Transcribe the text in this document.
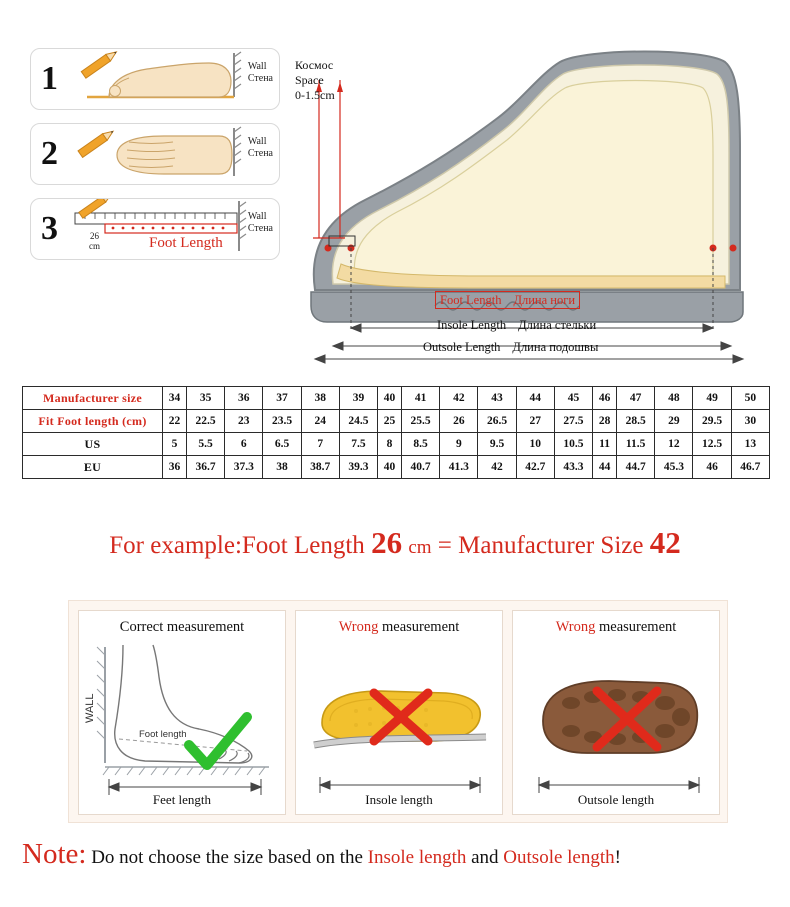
1	Wall
Стена
2	Wall
Стена
3	26
cm	Foot Length
Wall
Стена
Космос
Space
0-1.5cm
Foot Length Длина ноги
Insole Length Длина стельки
Outsole Length Длина подошвы
Manufacturer size	34	35	36	37	38	39	40	41	42	43	44	45	46	47	48	49	50
Fit Foot length (cm)	22	22.5	23	23.5	24	24.5	25	25.5	26	26.5	27	27.5	28	28.5	29	29.5	30
US	5	5.5	6	6.5	7	7.5	8	8.5	9	9.5	10	10.5	11	11.5	12	12.5	13
EU	36	36.7	37.3	38	38.7	39.3	40	40.7	41.3	42	42.7	43.3	44	44.7	45.3	46	46.7
For example:Foot Length 26 cm = Manufacturer Size 42
Correct measurement
WALL
Foot length
Feet length
Wrong measurement
Insole length
Wrong measurement
Outsole length
Note: Do not choose the size based on the Insole length and Outsole length!
